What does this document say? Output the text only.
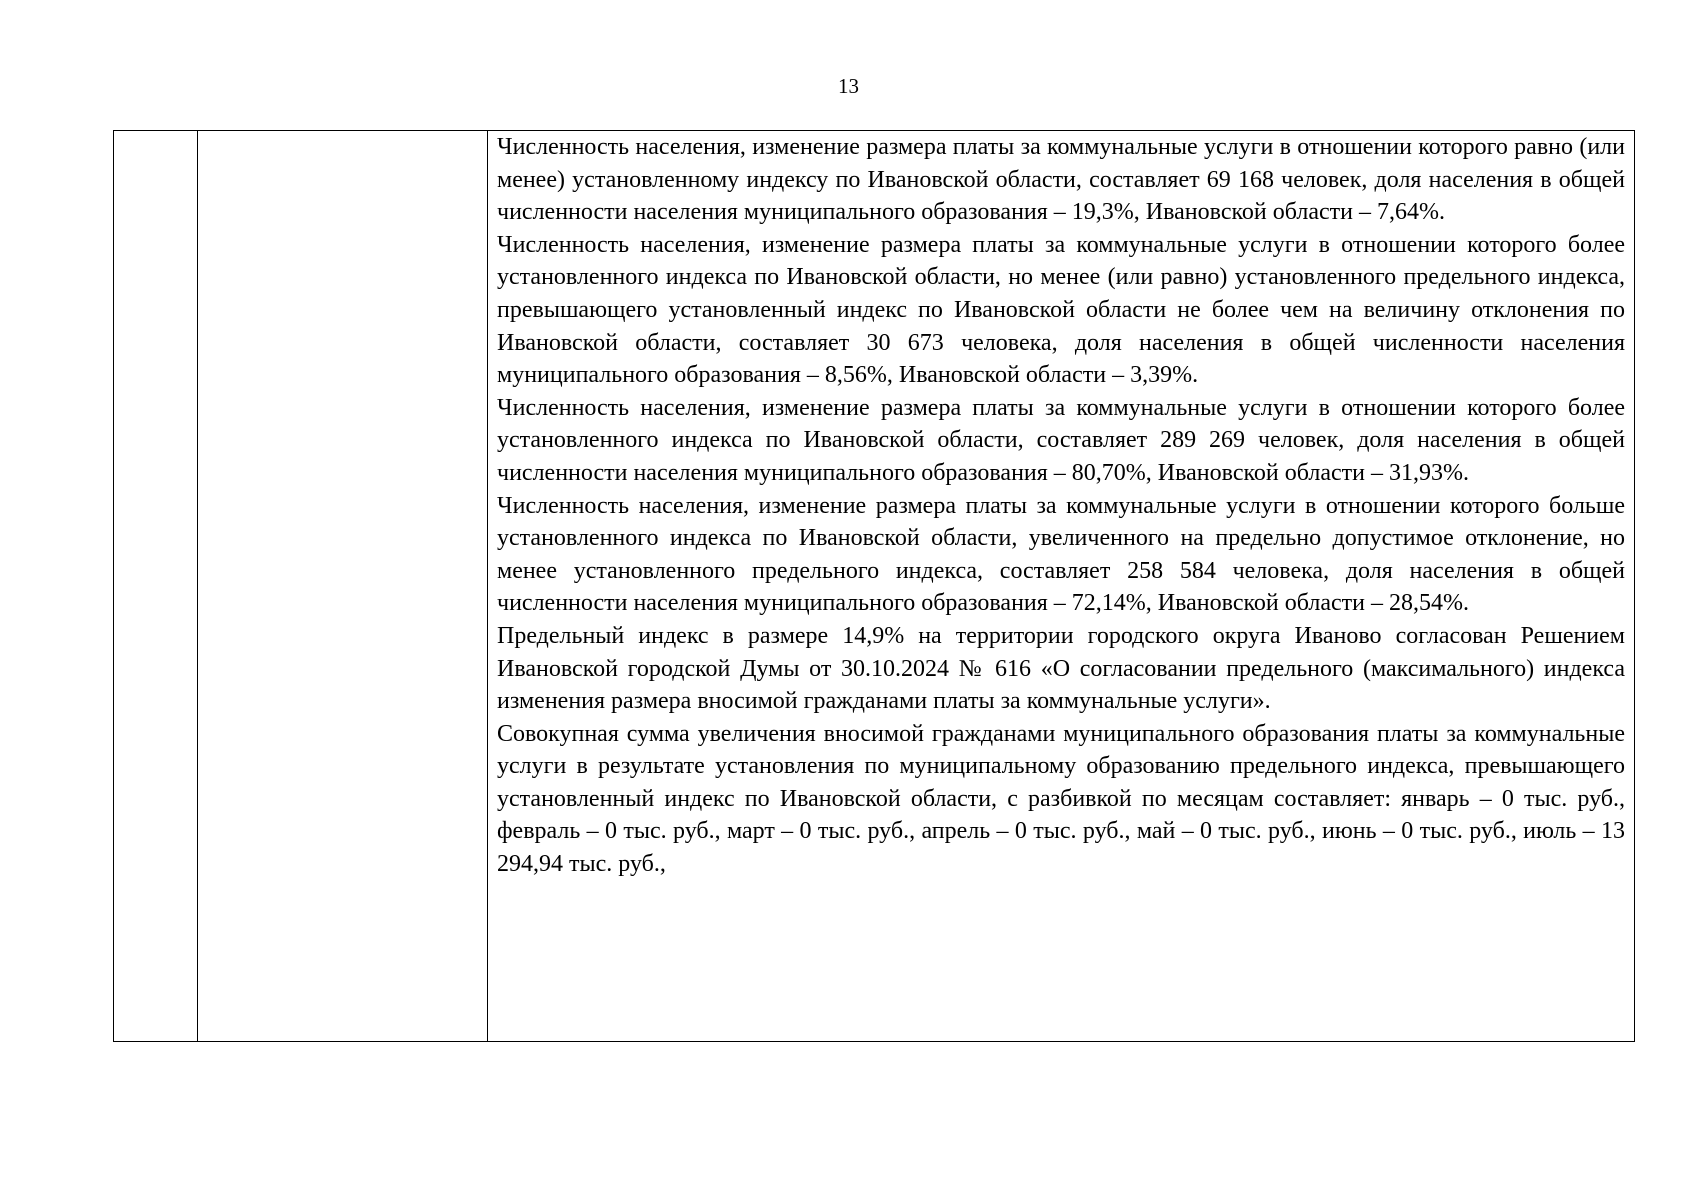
13

Численность населения, изменение размера платы за коммунальные услуги в отношении которого равно (или менее) установленному индексу по Ивановской области, составляет 69 168 человек, доля населения в общей численности населения муниципального образования – 19,3%, Ивановской области – 7,64%.

Численность населения, изменение размера платы за коммунальные услуги в отношении которого более установленного индекса по Ивановской области, но менее (или равно) установленного предельного индекса, превышающего установленный индекс по Ивановской области не более чем на величину отклонения по Ивановской области, составляет 30 673 человека, доля населения в общей численности населения муниципального образования – 8,56%, Ивановской области – 3,39%.

Численность населения, изменение размера платы за коммунальные услуги в отношении которого более установленного индекса по Ивановской области, составляет 289 269 человек, доля населения в общей численности населения муниципального образования – 80,70%, Ивановской области – 31,93%.

Численность населения, изменение размера платы за коммунальные услуги в отношении которого больше установленного индекса по Ивановской области, увеличенного на предельно допустимое отклонение, но менее установленного предельного индекса, составляет 258 584 человека, доля населения в общей численности населения муниципального образования – 72,14%, Ивановской области – 28,54%.

Предельный индекс в размере 14,9% на территории городского округа Иваново согласован Решением Ивановской городской Думы от 30.10.2024 № 616 «О согласовании предельного (максимального) индекса изменения размера вносимой гражданами платы за коммунальные услуги».

Совокупная сумма увеличения вносимой гражданами муниципального образования платы за коммунальные услуги в результате установления по муниципальному образованию предельного индекса, превышающего установленный индекс по Ивановской области, с разбивкой по месяцам составляет: январь – 0 тыс. руб., февраль – 0 тыс. руб., март – 0 тыс. руб., апрель – 0 тыс. руб., май – 0 тыс. руб., июнь – 0 тыс. руб., июль – 13 294,94 тыс. руб.,
